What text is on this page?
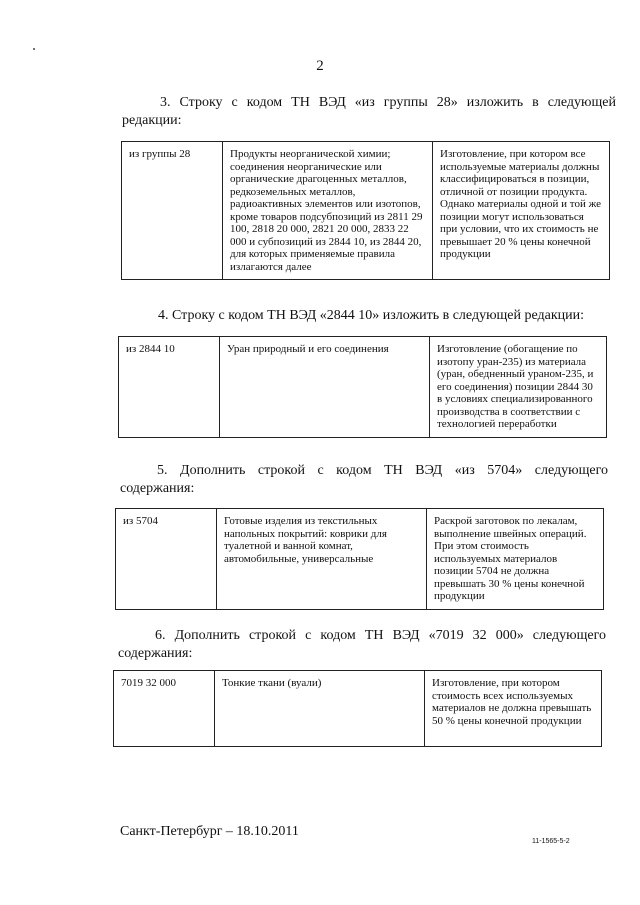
2
3. Строку с кодом ТН ВЭД «из группы 28» изложить в следующей
редакции:
из группы 28	Продукты неорганической химии; соединения неорганические или органические драгоценных металлов, редкоземельных металлов, радиоактивных элементов или изотопов, кроме товаров подсубпозиций из 2811 29 100, 2818 20 000, 2821 20 000, 2833 22 000 и субпозиций из 2844 10, из 2844 20, для которых применяемые правила излагаются далее	Изготовление, при котором все используемые материалы должны классифицироваться в позиции, отличной от позиции продукта. Однако материалы одной и той же позиции могут использоваться при условии, что их стоимость не превышает 20 % цены конечной продукции
4. Строку с кодом ТН ВЭД «2844 10» изложить в следующей редакции:
из 2844 10	Уран природный и его соединения	Изготовление (обогащение по изотопу уран-235) из материала (уран, обедненный ураном-235, и его соединения) позиции 2844 30 в условиях специализированного производства в соответствии с технологией переработки
5. Дополнить строкой с кодом ТН ВЭД «из 5704» следующего
содержания:
из 5704	Готовые изделия из текстильных напольных покрытий: коврики для туалетной и ванной комнат, автомобильные, универсальные	Раскрой заготовок по лекалам, выполнение швейных операций. При этом стоимость используемых материалов позиции 5704 не должна превышать 30 % цены конечной продукции
6. Дополнить строкой с кодом ТН ВЭД «7019 32 000» следующего
содержания:
7019 32 000	Тонкие ткани (вуали)	Изготовление, при котором стоимость всех используемых материалов не должна превышать 50 % цены конечной продукции
Санкт-Петербург – 18.10.2011
11-1565-5-2
